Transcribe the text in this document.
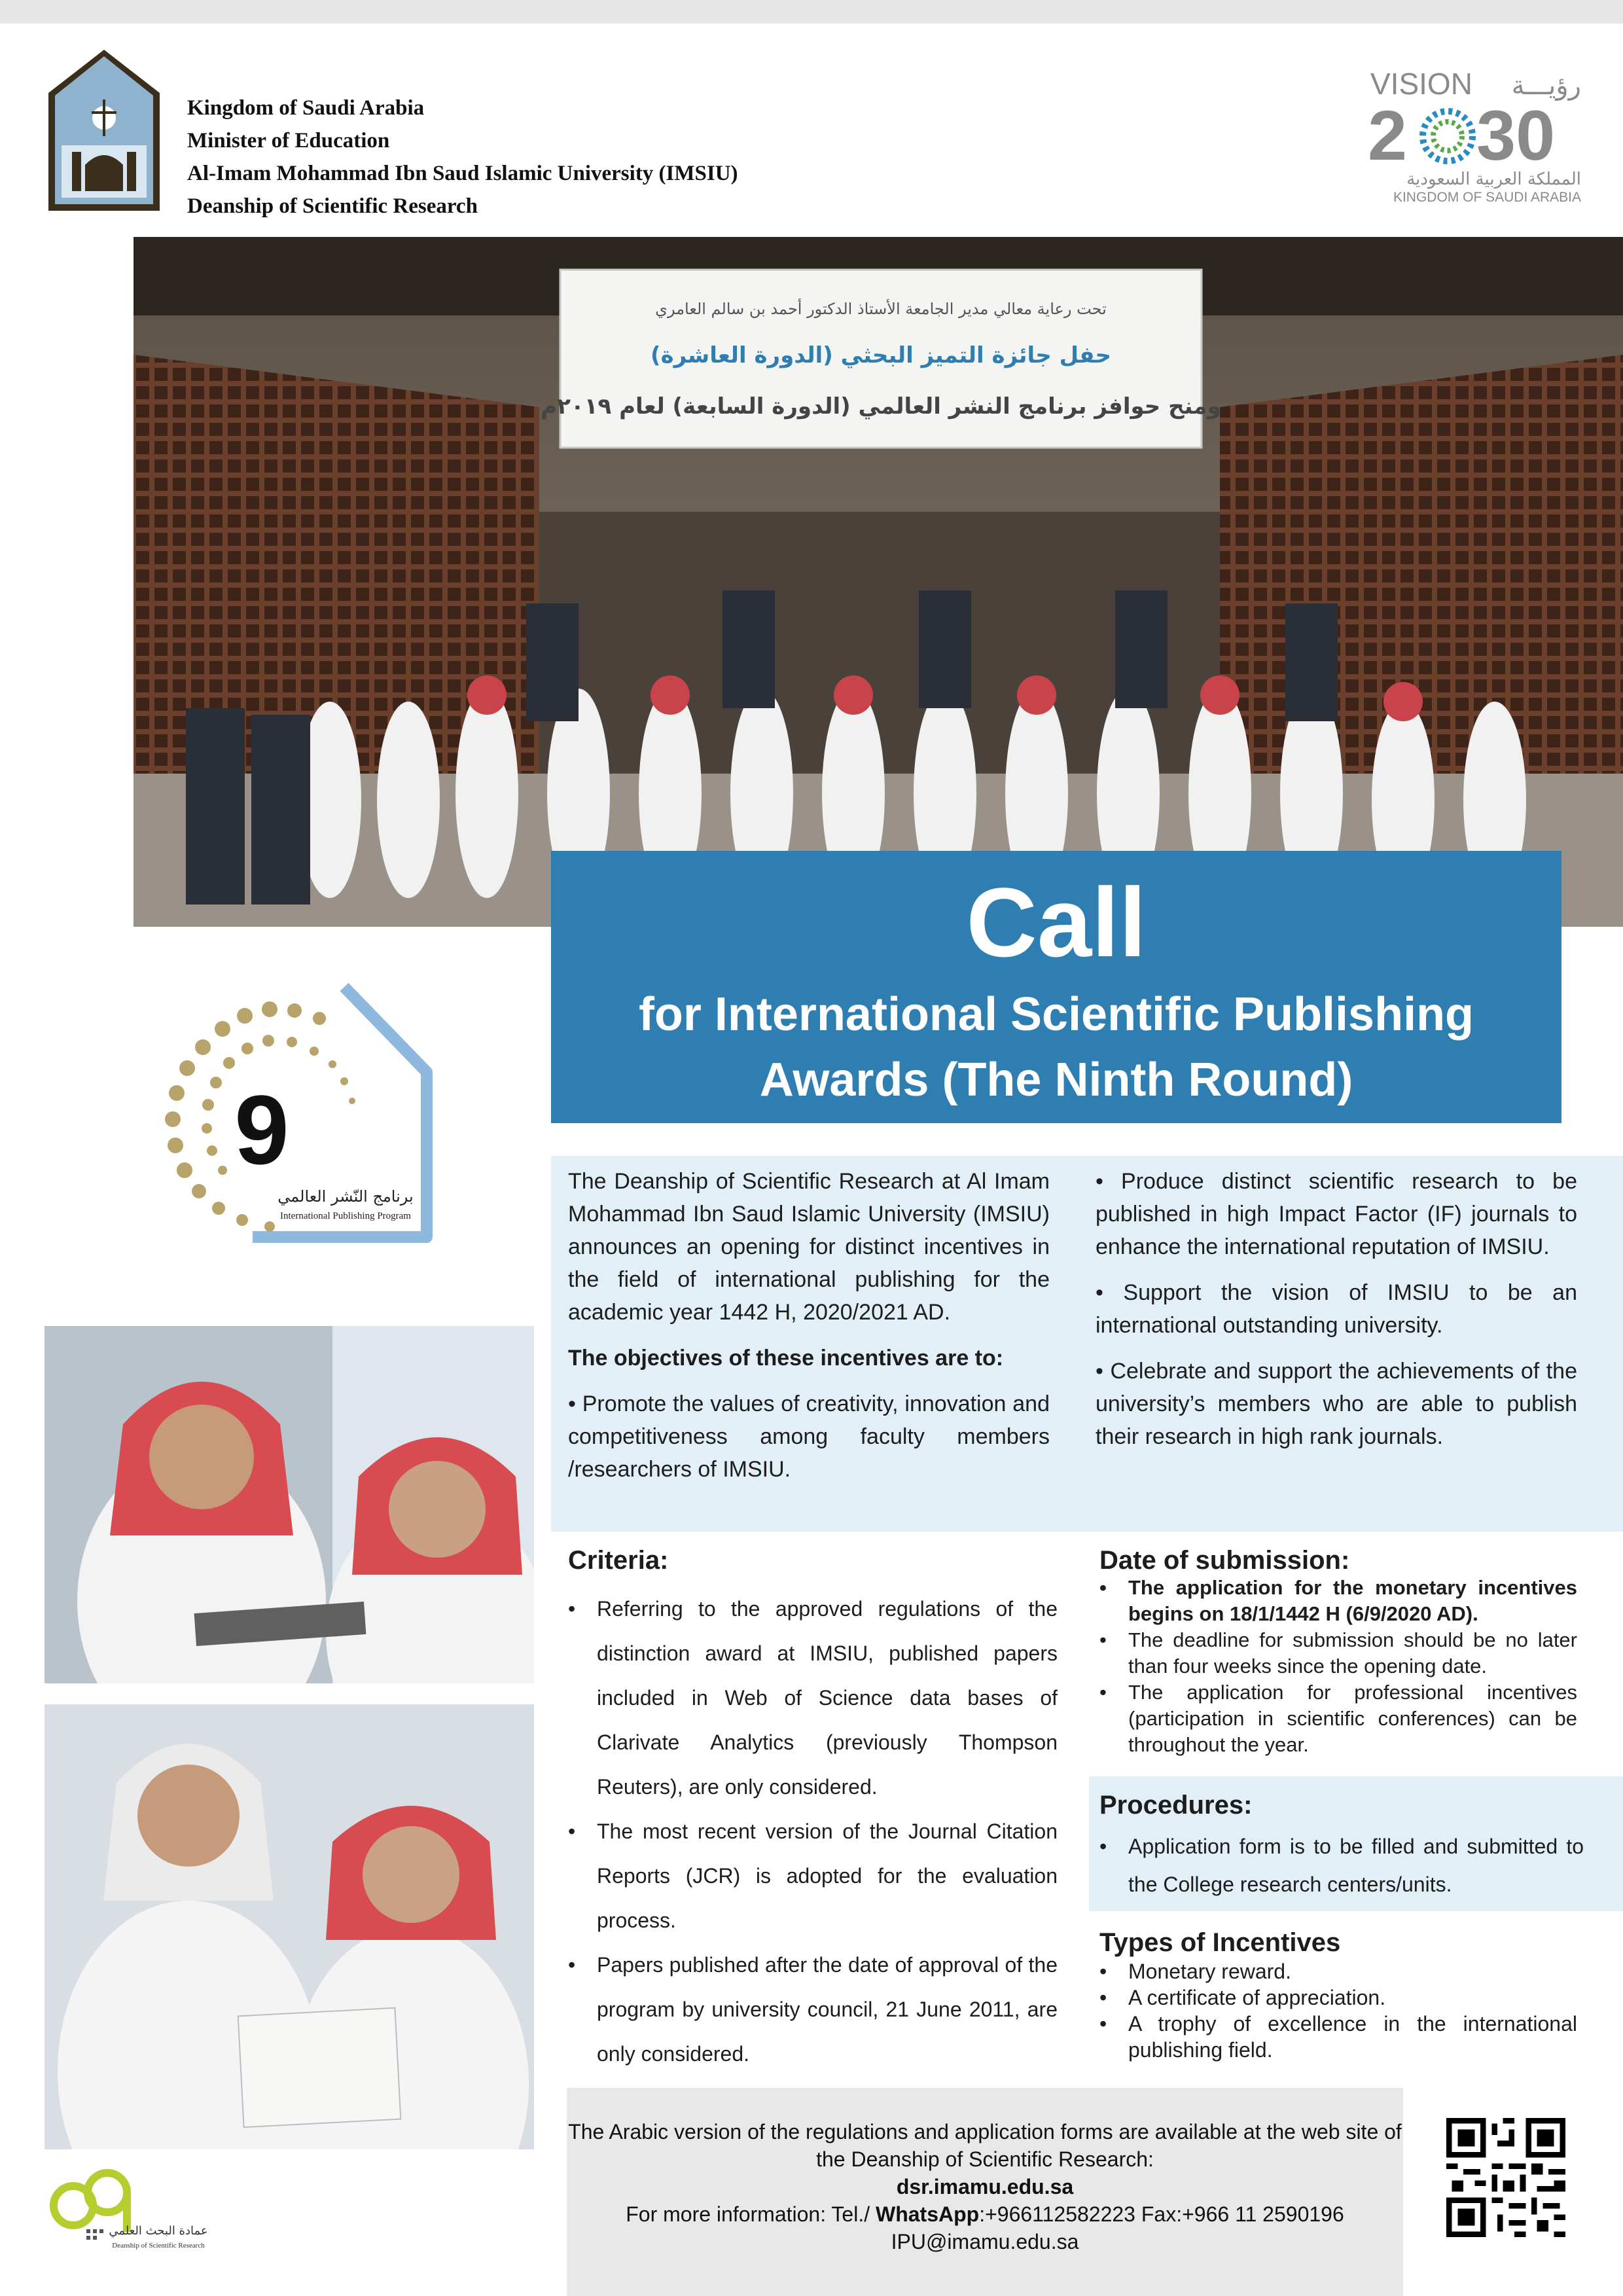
Kingdom of Saudi Arabia
Minister of Education
Al-Imam Mohammad Ibn Saud Islamic University (IMSIU)
Deanship of Scientific Research
VISION رؤيـــة
2 30
المملكة العربية السعودية
KINGDOM OF SAUDI ARABIA
تحت رعاية معالي مدير الجامعة الأستاذ الدكتور أحمد بن سالم العامري
حفل جائزة التميز البحثي (الدورة العاشرة)
ومنح حوافز برنامج النشر العالمي (الدورة السابعة) لعام ٢٠١٩م
Call
for International Scientific Publishing
Awards (The Ninth Round)
9
برنامج النّشر العالمي
International Publishing Program

The Deanship of Scientific Research at Al Imam Mohammad Ibn Saud Islamic University (IMSIU) announces an opening for distinct incentives in the field of international publishing for the academic year 1442 H, 2020/2021 AD.

The objectives of these incentives are to:

• Promote the values of creativity, innovation and competitiveness among faculty members /researchers of IMSIU.

• Produce distinct scientific research to be published in high Impact Factor (IF) journals to enhance the international reputation of IMSIU.

• Support the vision of IMSIU to be an international outstanding university.

• Celebrate and support the achievements of the university’s members who are able to publish their research in high rank journals.

Criteria:
• Referring to the approved regulations of the distinction award at IMSIU, published papers included in Web of Science data bases of Clarivate Analytics (previously Thompson Reuters), are only considered.
• The most recent version of the Journal Citation Reports (JCR) is adopted for the evaluation process.
• Papers published after the date of approval of the program by university council, 21 June 2011, are only considered.
Date of submission:
• The application for the monetary incentives begins on 18/1/1442 H (6/9/2020 AD).
• The deadline for submission should be no later than four weeks since the opening date.
• The application for professional incentives (participation in scientific conferences) can be throughout the year.
Procedures:
• Application form is to be filled and submitted to the College research centers/units.
Types of Incentives
• Monetary reward.
• A certificate of appreciation.
• A trophy of excellence in the international publishing field.
The Arabic version of the regulations and application forms are available at the web site of the Deanship of Scientific Research:
dsr.imamu.edu.sa
For more information: Tel./ WhatsApp:+966112582223 Fax:+966 11 2590196
IPU@imamu.edu.sa
عمادة البحث العلمي
Deanship of Scientific Research
